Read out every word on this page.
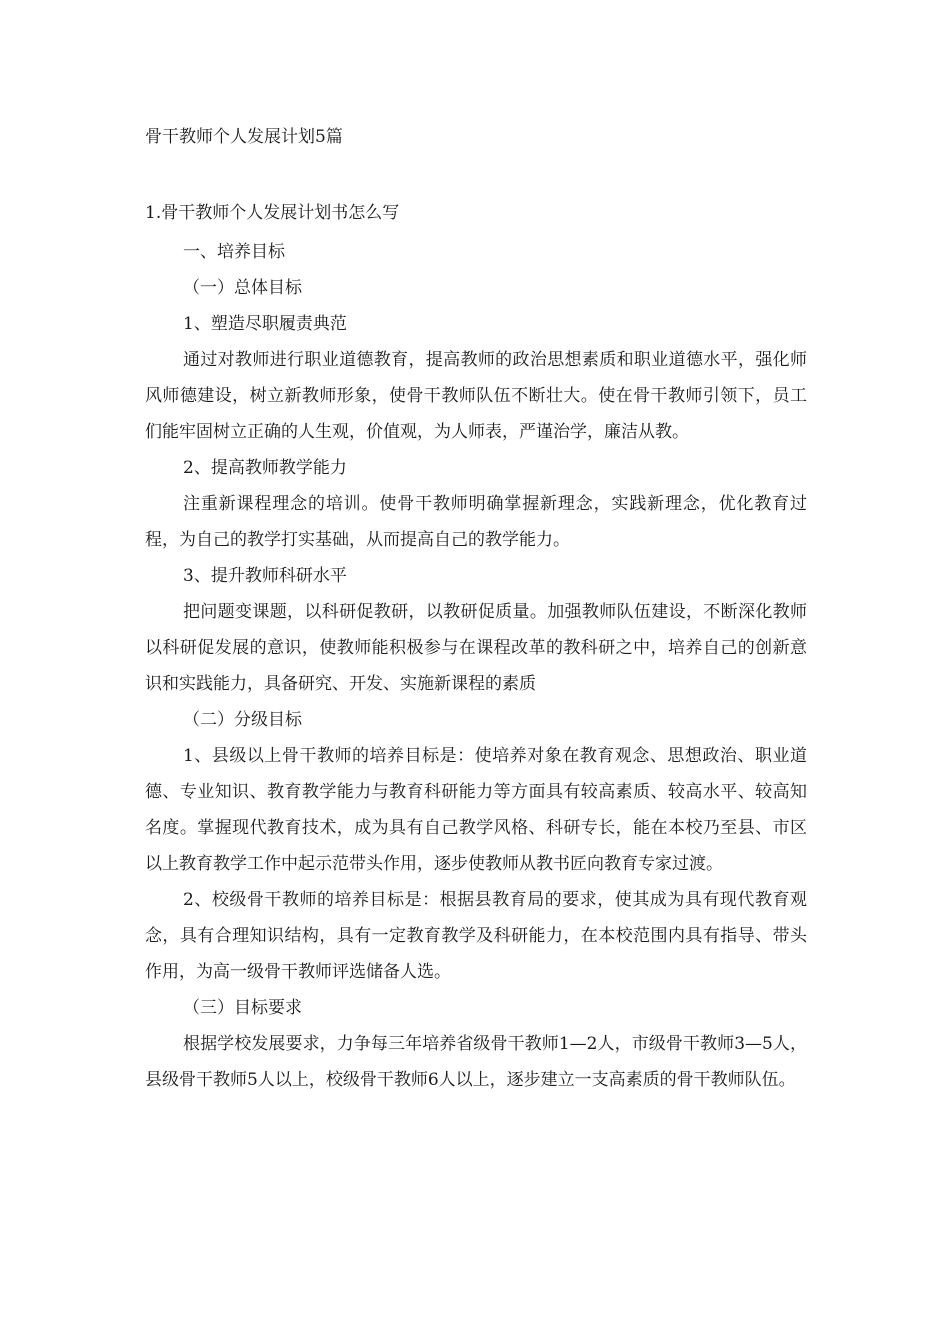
骨干教师个人发展计划5篇
1.骨干教师个人发展计划书怎么写
一、培养目标
（一）总体目标
1、塑造尽职履责典范

通过对教师进行职业道德教育，提高教师的政治思想素质和职业道德水平，强化师风师德建设，树立新教师形象，使骨干教师队伍不断壮大。使在骨干教师引领下，员工们能牢固树立正确的人生观，价值观，为人师表，严谨治学，廉洁从教。

2、提高教师教学能力

注重新课程理念的培训。使骨干教师明确掌握新理念，实践新理念，优化教育过程，为自己的教学打实基础，从而提高自己的教学能力。

3、提升教师科研水平

把问题变课题，以科研促教研，以教研促质量。加强教师队伍建设，不断深化教师以科研促发展的意识，使教师能积极参与在课程改革的教科研之中，培养自己的创新意识和实践能力，具备研究、开发、实施新课程的素质

（二）分级目标

1、县级以上骨干教师的培养目标是：使培养对象在教育观念、思想政治、职业道德、专业知识、教育教学能力与教育科研能力等方面具有较高素质、较高水平、较高知名度。掌握现代教育技术，成为具有自己教学风格、科研专长，能在本校乃至县、市区以上教育教学工作中起示范带头作用，逐步使教师从教书匠向教育专家过渡。

2、校级骨干教师的培养目标是：根据县教育局的要求，使其成为具有现代教育观念，具有合理知识结构，具有一定教育教学及科研能力，在本校范围内具有指导、带头作用，为高一级骨干教师评选储备人选。

（三）目标要求

根据学校发展要求，力争每三年培养省级骨干教师1—2人，市级骨干教师3—5人，县级骨干教师5人以上，校级骨干教师6人以上，逐步建立一支高素质的骨干教师队伍。
